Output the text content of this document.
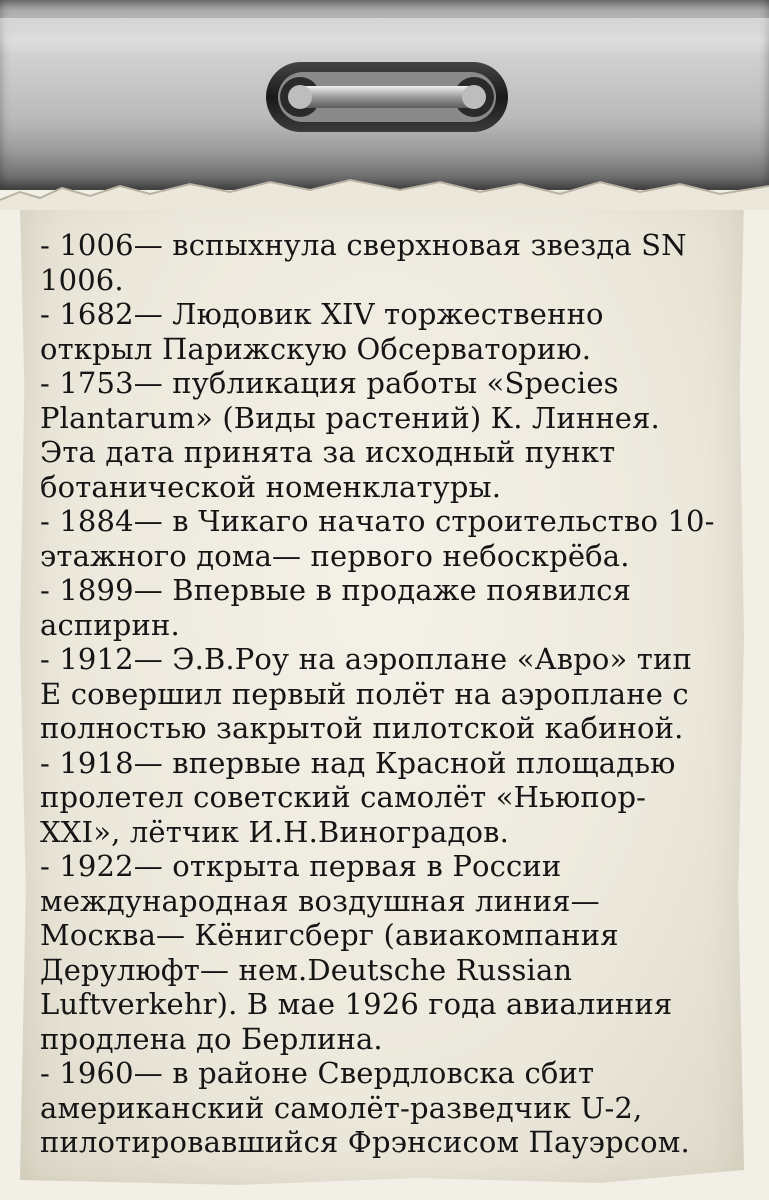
- 1006— вспыхнула сверхновая звезда SN 1006.

- 1682— Людовик XIV торжественно открыл Парижскую Обсерваторию.

- 1753— публикация работы «Species Plantarum» (Виды растений) К. Линнея. Эта дата принята за исходный пункт ботанической номенклатуры.

- 1884— в Чикаго начато строительство 10-этажного дома— первого небоскрёба.

- 1899— Впервые в продаже появился аспирин.

- 1912— Э.В.Роу на аэроплане «Авро» тип Е совершил первый полёт на аэроплане с полностью закрытой пилотской кабиной.

- 1918— впервые над Красной площадью пролетел советский самолёт «Ньюпор-XXI», лётчик И.Н.Виноградов.

- 1922— открыта первая в России международная воздушная линия— Москва— Кёнигсберг (авиакомпания Дерулюфт— нем.Deutsche Russian Luftverkehr). В мае 1926 года авиалиния продлена до Берлина.

- 1960— в районе Свердловска сбит американский самолёт-разведчик U-2, пилотировавшийся Фрэнсисом Пауэрсом.
